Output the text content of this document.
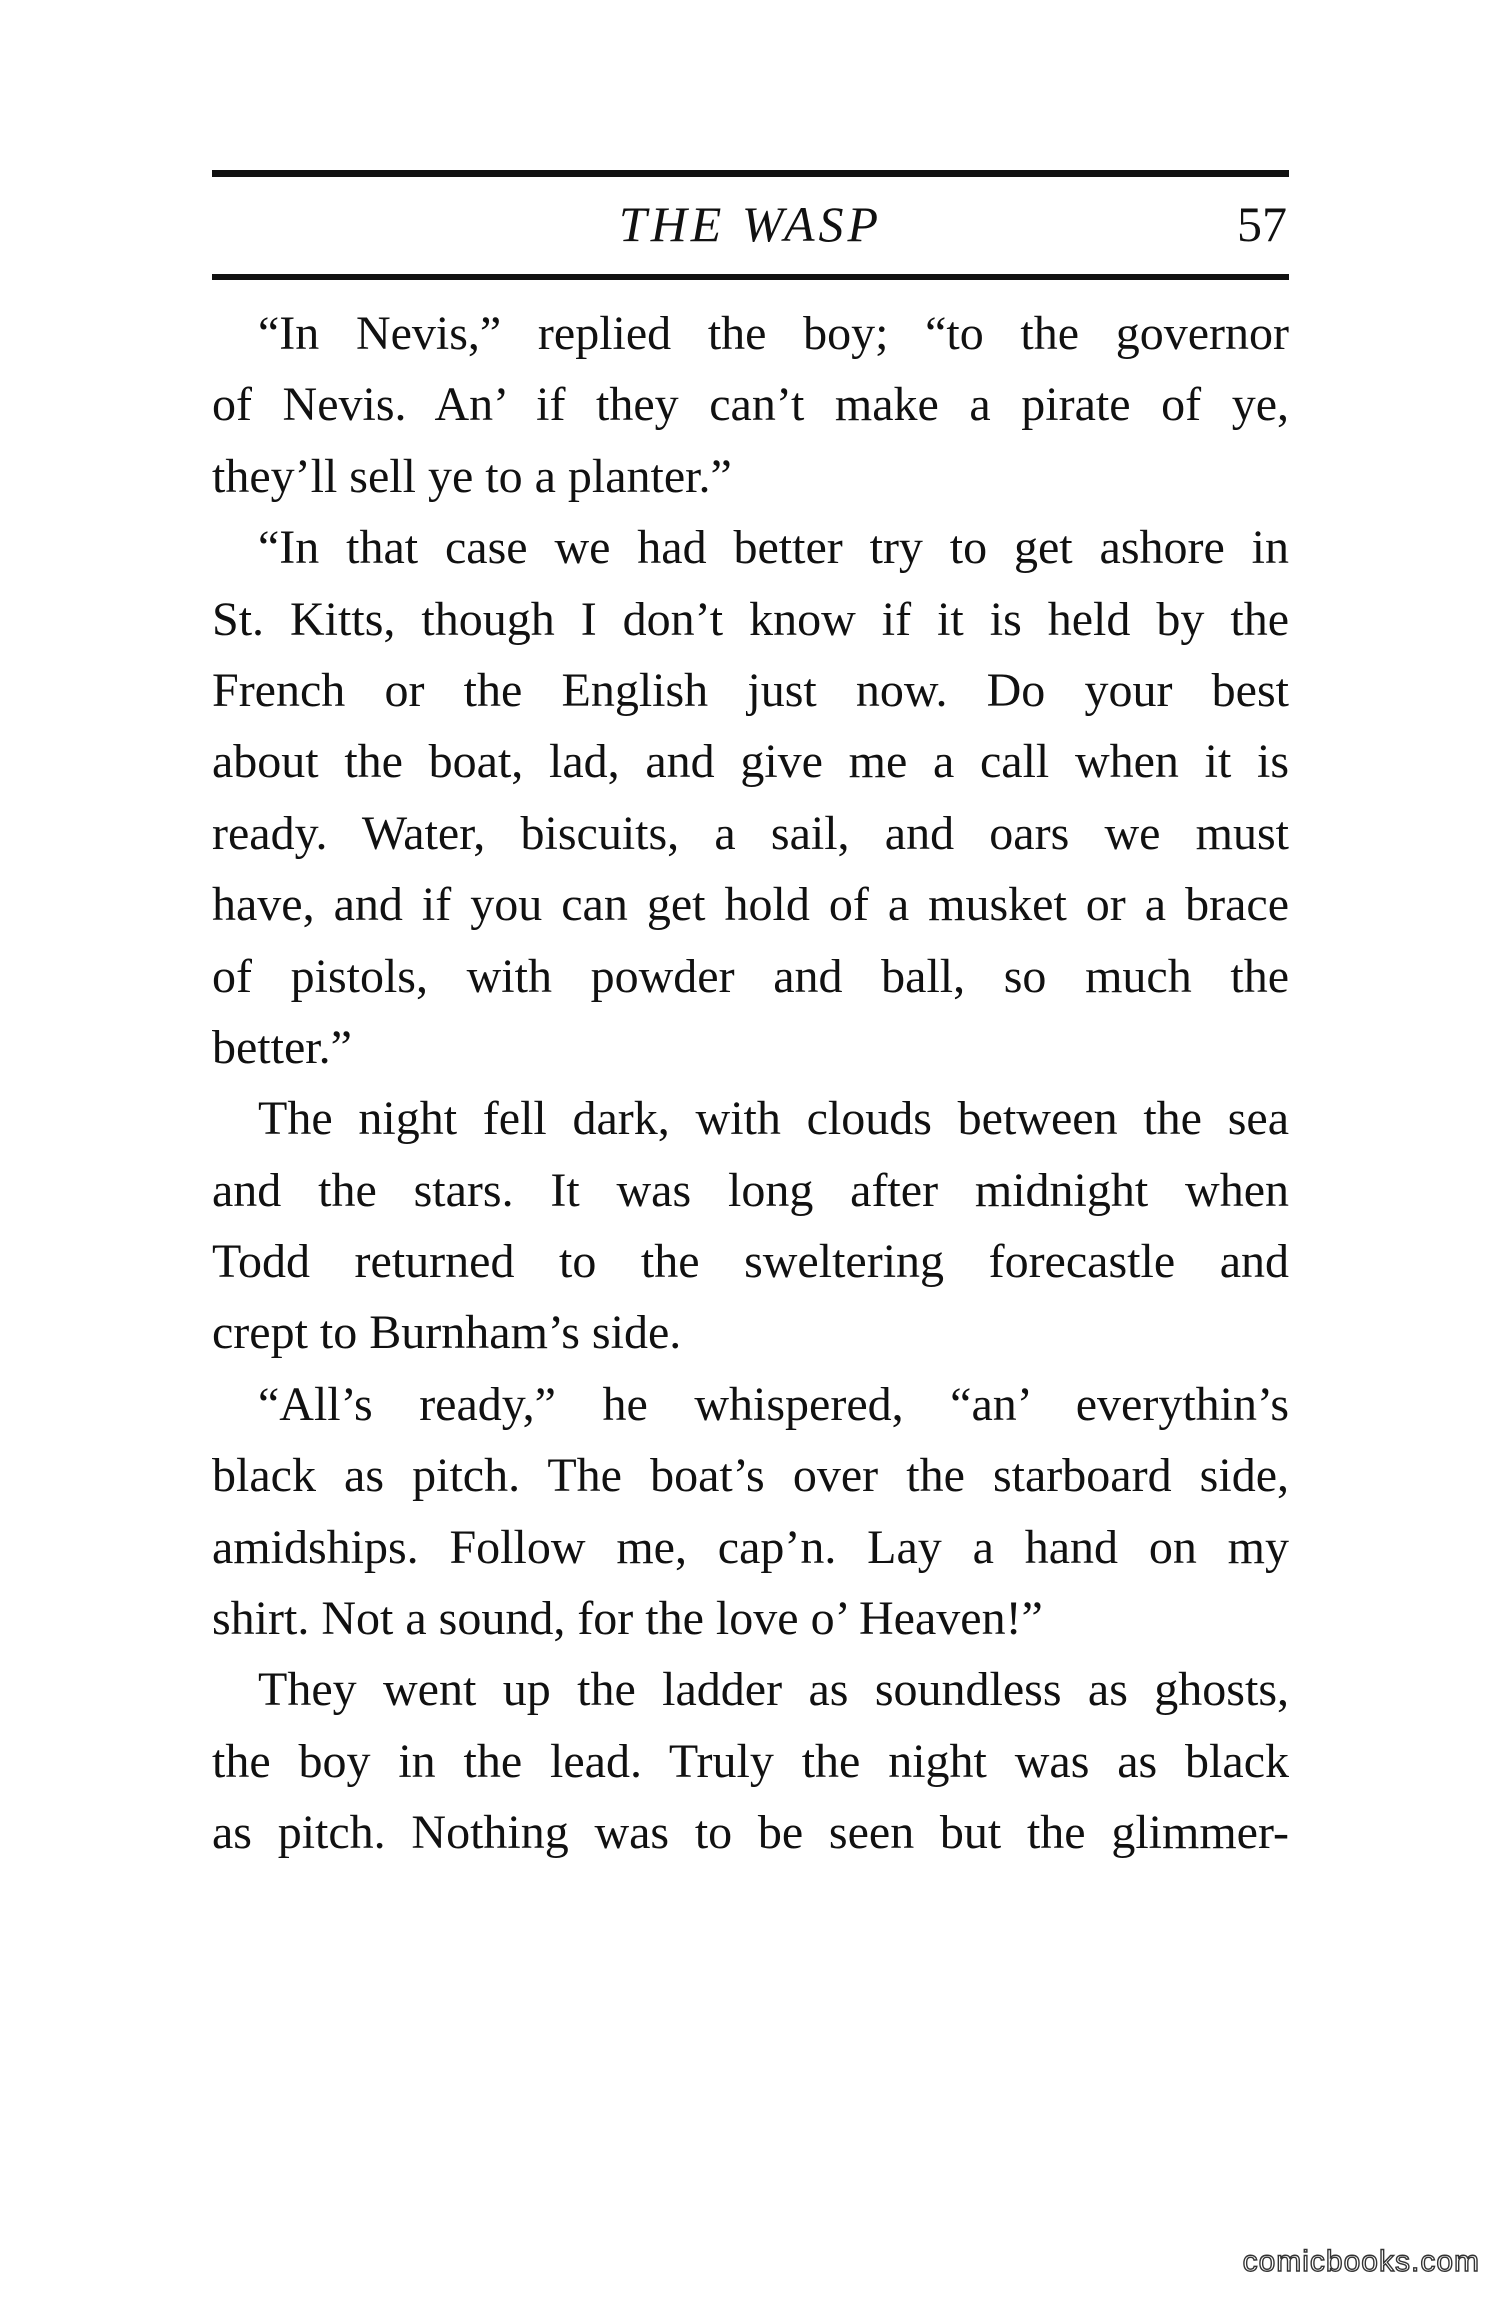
THE WASP	57
“In Nevis,” replied the boy; “to the governor
of Nevis. An’ if they can’t make a pirate of ye,
they’ll sell ye to a planter.”
“In that case we had better try to get ashore in
St. Kitts, though I don’t know if it is held by the
French or the English just now. Do your best
about the boat, lad, and give me a call when it is
ready. Water, biscuits, a sail, and oars we must
have, and if you can get hold of a musket or a brace
of pistols, with powder and ball, so much the
better.”
The night fell dark, with clouds between the sea
and the stars. It was long after midnight when
Todd returned to the sweltering forecastle and
crept to Burnham’s side.
“All’s ready,” he whispered, “an’ everythin’s
black as pitch. The boat’s over the starboard side,
amidships. Follow me, cap’n. Lay a hand on my
shirt. Not a sound, for the love o’ Heaven!”
They went up the ladder as soundless as ghosts,
the boy in the lead. Truly the night was as black
as pitch. Nothing was to be seen but the glimmer-
comicbooks.com
